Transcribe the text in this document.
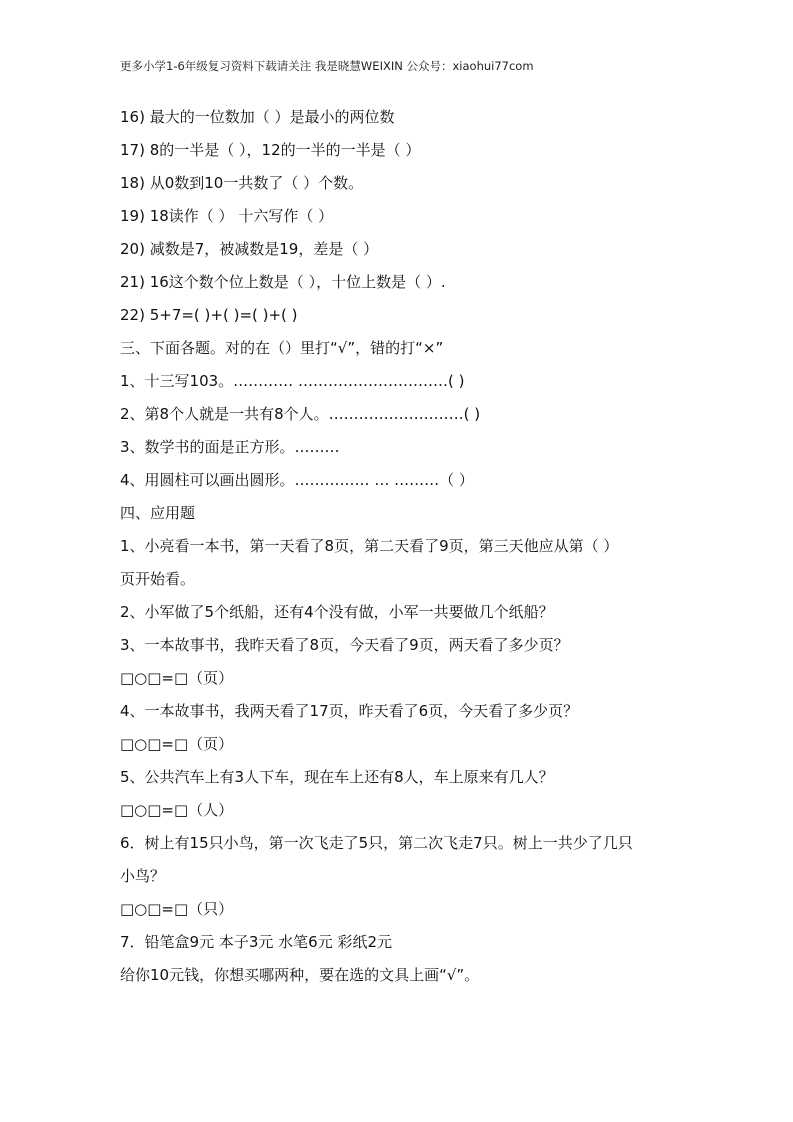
更多小学1-6年级复习资料下载请关注 我是晓慧WEIXIN 公众号：xiaohui77com
16) 最大的一位数加（ ）是最小的两位数
17) 8的一半是（ ），12的一半的一半是（ ）
18) 从0数到10一共数了（ ）个数。
19) 18读作（ ） 十六写作（ ）
20) 减数是7，被减数是19，差是（ ）
21) 16这个数个位上数是（ ），十位上数是（ ）.
22) 5+7=( )+( )=( )+( )
三、下面各题。对的在（）里打“√”，错的打“×”
1、十三写103。………… …………………………( )
2、第8个人就是一共有8个人。………………………( )
3、数学书的面是正方形。………
4、用圆柱可以画出圆形。…………… … ………（ ）
四、应用题
1、小亮看一本书，第一天看了8页，第二天看了9页，第三天他应从第（ ）
页开始看。
2、小军做了5个纸船，还有4个没有做，小军一共要做几个纸船？
3、一本故事书，我昨天看了8页，今天看了9页，两天看了多少页？
□○□=□（页）
4、一本故事书，我两天看了17页，昨天看了6页，今天看了多少页？
□○□=□（页）
5、公共汽车上有3人下车，现在车上还有8人，车上原来有几人？
□○□=□（人）
6．树上有15只小鸟，第一次飞走了5只，第二次飞走7只。树上一共少了几只
小鸟？
□○□=□（只）
7．铅笔盒9元 本子3元 水笔6元 彩纸2元
给你10元钱，你想买哪两种，要在选的文具上画“√”。
